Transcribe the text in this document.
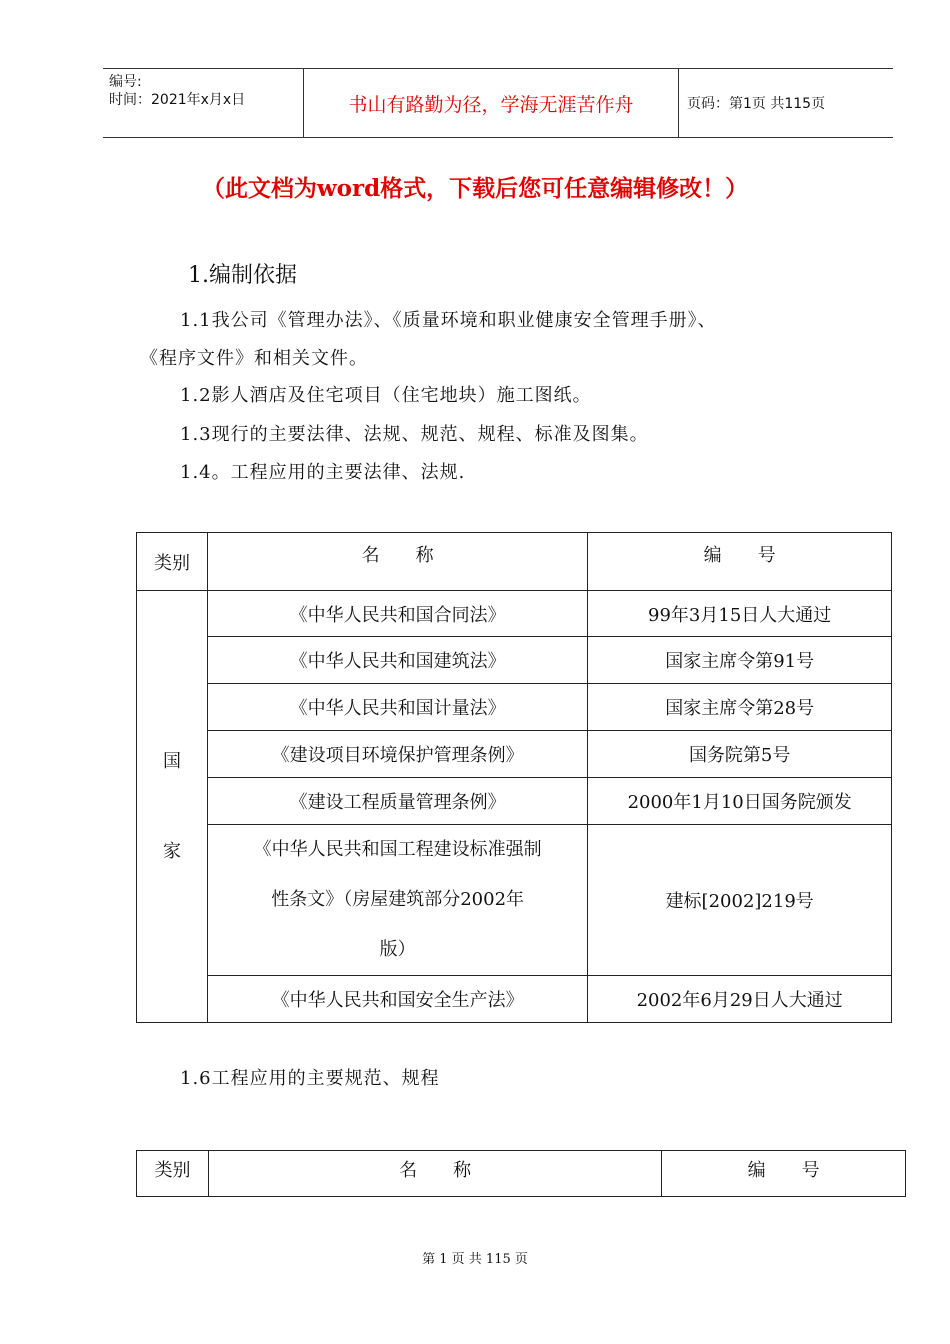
编号:
时间：2021年x月x日	书山有路勤为径，学海无涯苦作舟	页码：第1页 共115页
（此文档为word格式，下载后您可任意编辑修改！）
1.编制依据
1.1我公司《管理办法》、《质量环境和职业健康安全管理手册》、
《程序文件》和相关文件。
1.2影人酒店及住宅项目（住宅地块）施工图纸。
1.3现行的主要法律、法规、规范、规程、标准及图集。
1.4。工程应用的主要法律、法规.
类别	名　　称	编　　号

国
家	《中华人民共和国合同法》	99年3月15日人大通过
	《中华人民共和国建筑法》	国家主席令第91号
	《中华人民共和国计量法》	国家主席令第28号
	《建设项目环境保护管理条例》	国务院第5号
	《建设工程质量管理条例》	2000年1月10日国务院颁发

	《中华人民共和国工程建设标准强制
性条文》（房屋建筑部分2002年
版）	建标[2002]219号
	《中华人民共和国安全生产法》	2002年6月29日人大通过
1.6工程应用的主要规范、规程
类别	名　　称	编　　号
第 1 页 共 115 页
